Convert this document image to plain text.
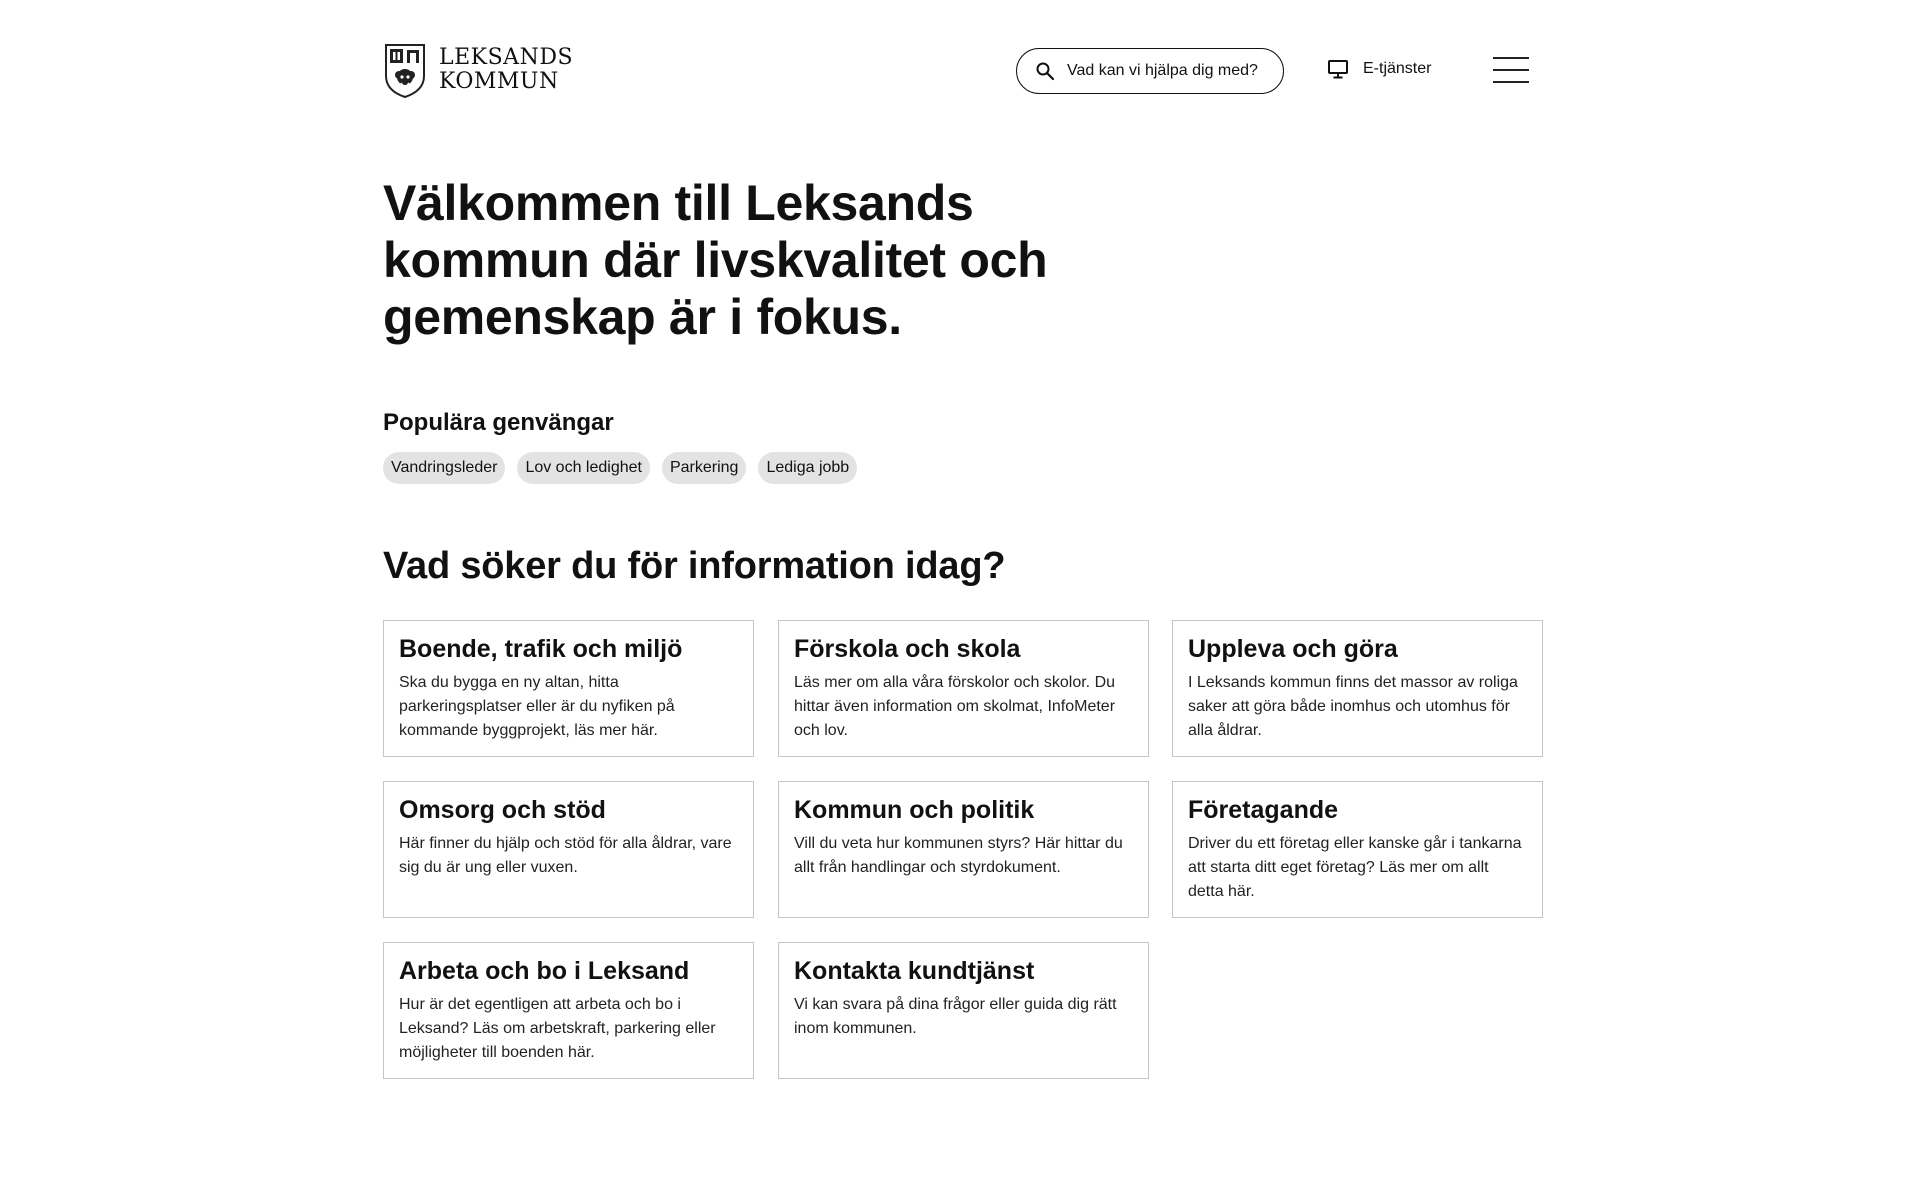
LEKSANDS
KOMMUN	Vad kan vi hjälpa dig med?	E-tjänster
Välkommen till Leksands
kommun där livskvalitet och
gemenskap är i fokus.
Populära genvängar
Vandringsleder	Lov och ledighet	Parkering	Lediga jobb
Vad söker du för information idag?
Boende, trafik och miljö

Ska du bygga en ny altan, hitta parkeringsplatser eller är du nyfiken på kommande byggprojekt, läs mer här.

Förskola och skola

Läs mer om alla våra förskolor och skolor. Du hittar även information om skolmat, InfoMeter och lov.

Uppleva och göra

I Leksands kommun finns det massor av roliga saker att göra både inomhus och utomhus för alla åldrar.

Omsorg och stöd

Här finner du hjälp och stöd för alla åldrar, vare sig du är ung eller vuxen.

Kommun och politik

Vill du veta hur kommunen styrs? Här hittar du allt från handlingar och styrdokument.

Företagande

Driver du ett företag eller kanske går i tankarna att starta ditt eget företag? Läs mer om allt detta här.

Arbeta och bo i Leksand

Hur är det egentligen att arbeta och bo i Leksand? Läs om arbetskraft, parkering eller möjligheter till boenden här.

Kontakta kundtjänst

Vi kan svara på dina frågor eller guida dig rätt inom kommunen.
